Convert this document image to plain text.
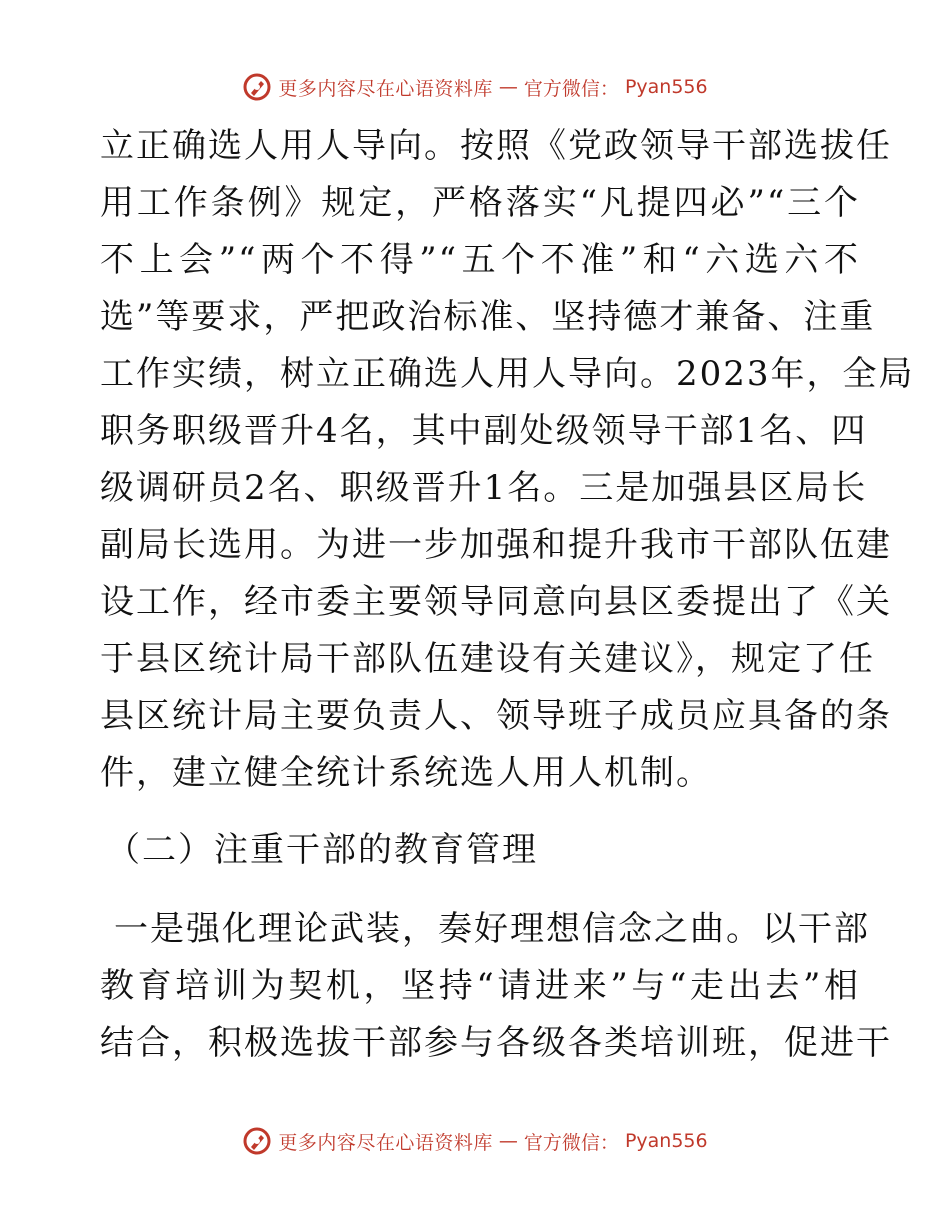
更多内容尽在心语资料库 — 官方微信： Pyan556
立正确选人用人导向。按照《党政领导干部选拔任
用工作条例》规定，严格落实“凡提四必”“三个
不上会”“两个不得”“五个不准”和“六选六不
选”等要求，严把政治标准、坚持德才兼备、注重
工作实绩，树立正确选人用人导向。2023年，全局
职务职级晋升4名，其中副处级领导干部1名、四
级调研员2名、职级晋升1名。三是加强县区局长
副局长选用。为进一步加强和提升我市干部队伍建
设工作，经市委主要领导同意向县区委提出了《关
于县区统计局干部队伍建设有关建议》，规定了任
县区统计局主要负责人、领导班子成员应具备的条
件，建立健全统计系统选人用人机制。
（二）注重干部的教育管理
一是强化理论武装，奏好理想信念之曲。以干部
教育培训为契机，坚持“请进来”与“走出去”相
结合，积极选拔干部参与各级各类培训班，促进干
更多内容尽在心语资料库 — 官方微信： Pyan556
